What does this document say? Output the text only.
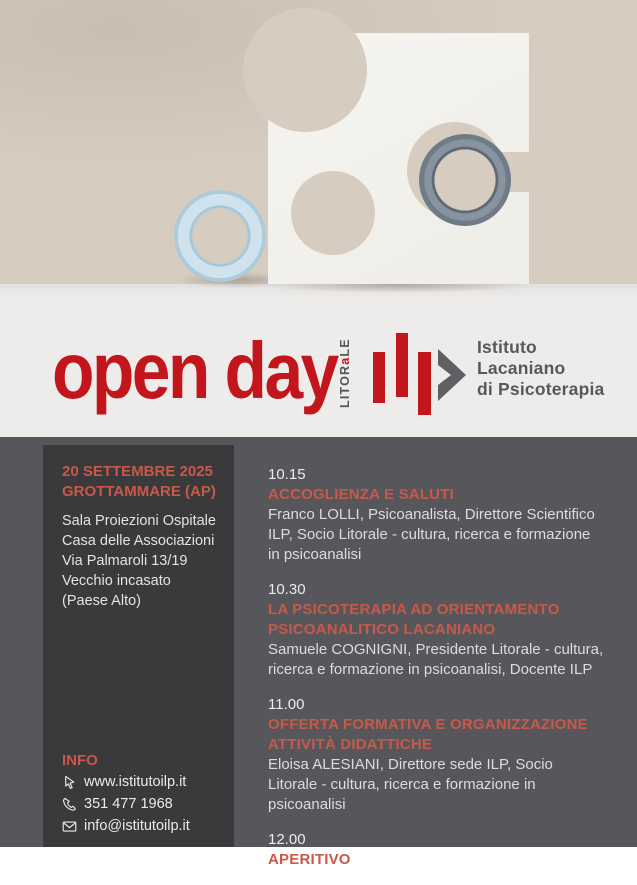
open day LITORaLE	Istituto
Lacaniano
di Psicoterapia
20 SETTEMBRE 2025
GROTTAMMARE (AP)
Sala Proiezioni Ospitale
Casa delle Associazioni
Via Palmaroli 13/19
Vecchio incasato
(Paese Alto)
INFO
www.istitutoilp.it
351 477 1968
info@istitutoilp.it
10.15
ACCOGLIENZA E SALUTI
Franco LOLLI, Psicoanalista, Direttore Scientifico ILP, Socio Litorale - cultura, ricerca e formazione in psicoanalisi
10.30
LA PSICOTERAPIA AD ORIENTAMENTO PSICOANALITICO LACANIANO
Samuele COGNIGNI, Presidente Litorale - cultura, ricerca e formazione in psicoanalisi, Docente ILP
11.00
OFFERTA FORMATIVA E ORGANIZZAZIONE ATTIVITÀ DIDATTICHE
Eloisa ALESIANI, Direttore sede ILP, Socio Litorale - cultura, ricerca e formazione in psicoanalisi
12.00
APERITIVO
